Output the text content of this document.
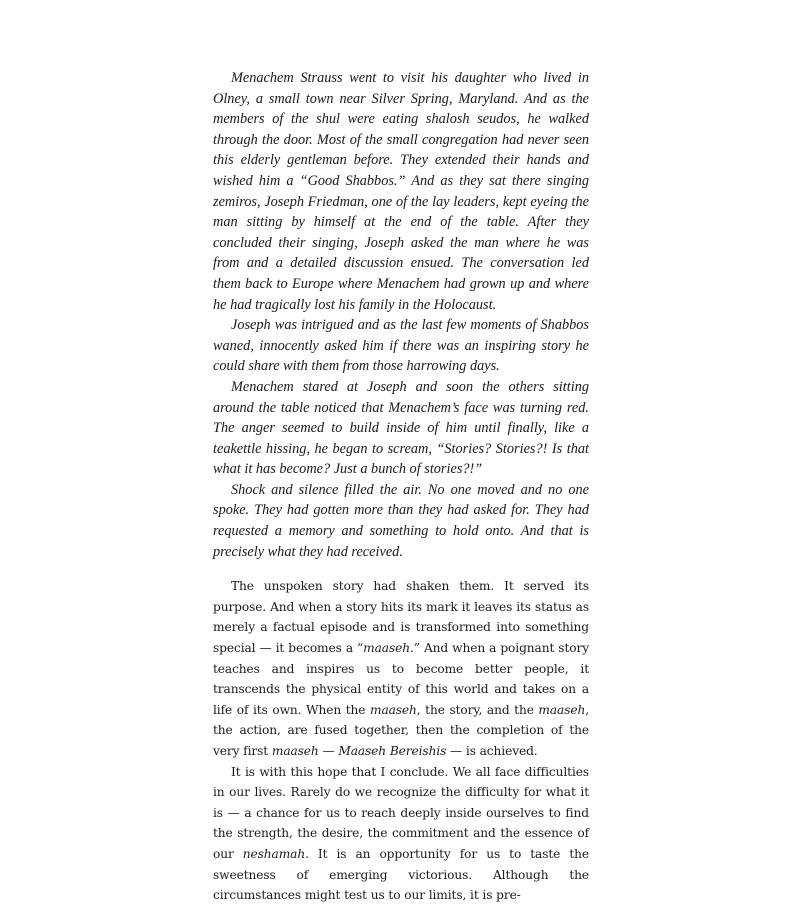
Menachem Strauss went to visit his daughter who lived in Olney, a small town near Silver Spring, Maryland. And as the members of the shul were eating shalosh seudos, he walked through the door. Most of the small congregation had never seen this elderly gentleman before. They extended their hands and wished him a “Good Shabbos.” And as they sat there singing zemiros, Joseph Friedman, one of the lay leaders, kept eyeing the man sitting by himself at the end of the table. After they concluded their singing, Joseph asked the man where he was from and a detailed discussion ensued. The conversation led them back to Europe where Menachem had grown up and where he had tragically lost his family in the Holocaust.

Joseph was intrigued and as the last few moments of Shabbos waned, innocently asked him if there was an inspiring story he could share with them from those harrowing days.

Menachem stared at Joseph and soon the others sitting around the table noticed that Menachem’s face was turning red. The anger seemed to build inside of him until finally, like a teakettle hissing, he began to scream, “Stories? Stories?! Is that what it has become? Just a bunch of stories?!”

Shock and silence filled the air. No one moved and no one spoke. They had gotten more than they had asked for. They had requested a memory and something to hold onto. And that is precisely what they had received.

The unspoken story had shaken them. It served its purpose. And when a story hits its mark it leaves its status as merely a factual episode and is transformed into something special — it becomes a “maaseh.” And when a poignant story teaches and inspires us to become better people, it transcends the physical entity of this world and takes on a life of its own. When the maaseh, the story, and the maaseh, the action, are fused together, then the completion of the very first maaseh — Maaseh Bereishis — is achieved.

It is with this hope that I conclude. We all face difficulties in our lives. Rarely do we recognize the difficulty for what it is — a chance for us to reach deeply inside ourselves to find the strength, the desire, the commitment and the essence of our neshamah. It is an opportunity for us to taste the sweetness of emerging victorious. Although the circumstances might test us to our limits, it is pre-
